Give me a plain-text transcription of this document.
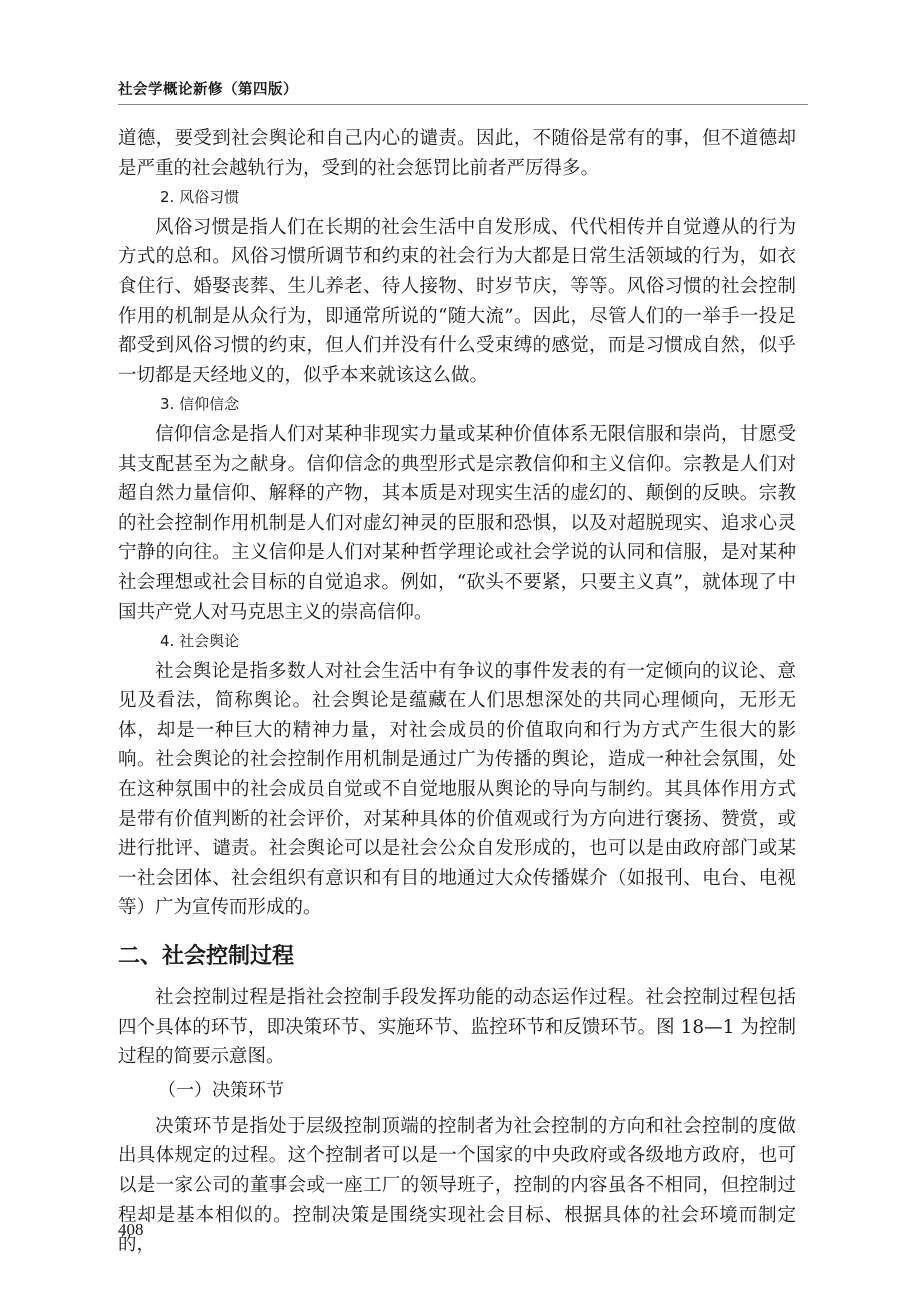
社会学概论新修（第四版）

道德，要受到社会舆论和自己内心的谴责。因此，不随俗是常有的事，但不道德却是严重的社会越轨行为，受到的社会惩罚比前者严厉得多。

2. 风俗习惯

风俗习惯是指人们在长期的社会生活中自发形成、代代相传并自觉遵从的行为方式的总和。风俗习惯所调节和约束的社会行为大都是日常生活领域的行为，如衣食住行、婚娶丧葬、生儿养老、待人接物、时岁节庆，等等。风俗习惯的社会控制作用的机制是从众行为，即通常所说的“随大流”。因此，尽管人们的一举手一投足都受到风俗习惯的约束，但人们并没有什么受束缚的感觉，而是习惯成自然，似乎一切都是天经地义的，似乎本来就该这么做。

3. 信仰信念

信仰信念是指人们对某种非现实力量或某种价值体系无限信服和崇尚，甘愿受其支配甚至为之献身。信仰信念的典型形式是宗教信仰和主义信仰。宗教是人们对超自然力量信仰、解释的产物，其本质是对现实生活的虚幻的、颠倒的反映。宗教的社会控制作用机制是人们对虚幻神灵的臣服和恐惧，以及对超脱现实、追求心灵宁静的向往。主义信仰是人们对某种哲学理论或社会学说的认同和信服，是对某种社会理想或社会目标的自觉追求。例如，“砍头不要紧，只要主义真”，就体现了中国共产党人对马克思主义的崇高信仰。

4. 社会舆论

社会舆论是指多数人对社会生活中有争议的事件发表的有一定倾向的议论、意见及看法，简称舆论。社会舆论是蕴藏在人们思想深处的共同心理倾向，无形无体，却是一种巨大的精神力量，对社会成员的价值取向和行为方式产生很大的影响。社会舆论的社会控制作用机制是通过广为传播的舆论，造成一种社会氛围，处在这种氛围中的社会成员自觉或不自觉地服从舆论的导向与制约。其具体作用方式是带有价值判断的社会评价，对某种具体的价值观或行为方向进行褒扬、赞赏，或进行批评、谴责。社会舆论可以是社会公众自发形成的，也可以是由政府部门或某一社会团体、社会组织有意识和有目的地通过大众传播媒介（如报刊、电台、电视等）广为宣传而形成的。

二、社会控制过程

社会控制过程是指社会控制手段发挥功能的动态运作过程。社会控制过程包括四个具体的环节，即决策环节、实施环节、监控环节和反馈环节。图 18—1 为控制过程的简要示意图。

（一）决策环节

决策环节是指处于层级控制顶端的控制者为社会控制的方向和社会控制的度做出具体规定的过程。这个控制者可以是一个国家的中央政府或各级地方政府，也可以是一家公司的董事会或一座工厂的领导班子，控制的内容虽各不相同，但控制过程却是基本相似的。控制决策是围绕实现社会目标、根据具体的社会环境而制定的，

408
